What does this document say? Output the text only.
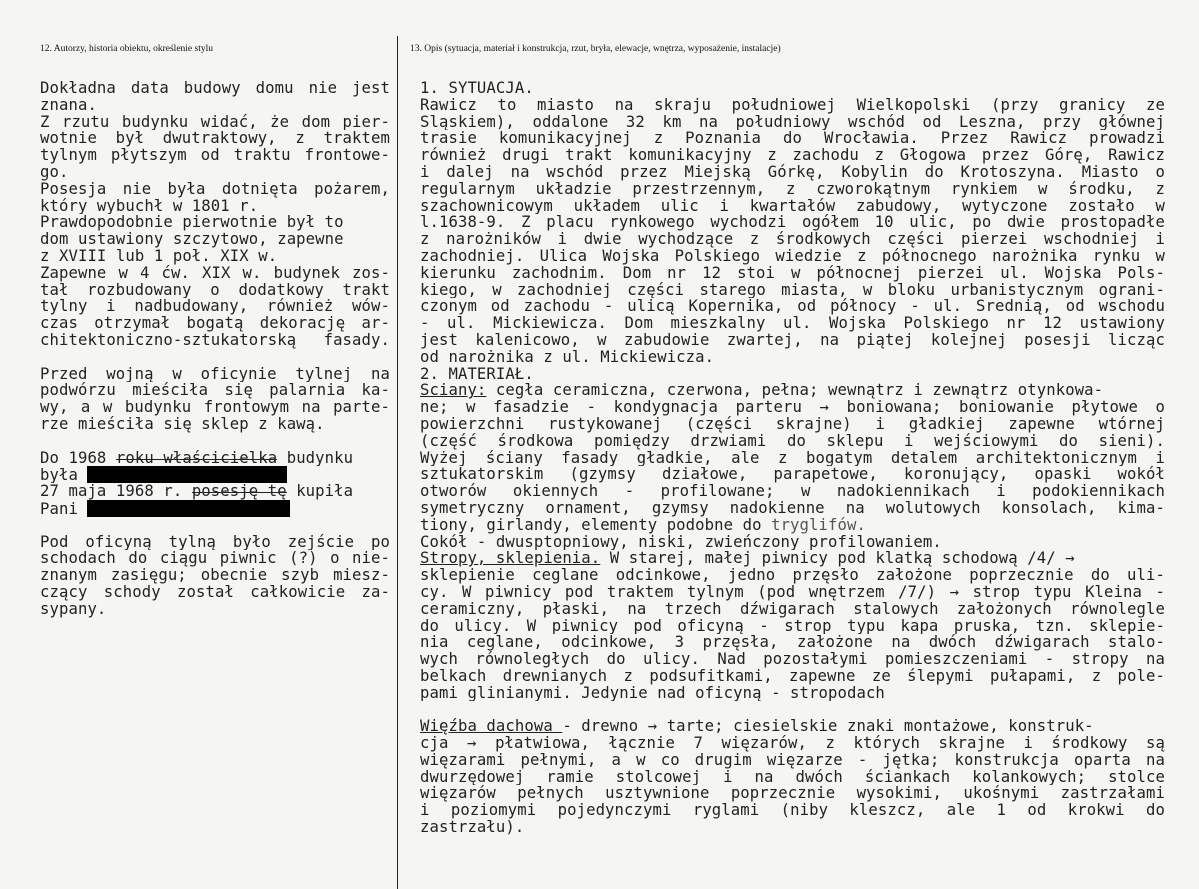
12. Autorzy, historia obiektu, określenie stylu	13. Opis (sytuacja, materiał i konstrukcja, rzut, bryła, elewacje, wnętrza, wyposażenie, instalacje)
Dokładna data budowy domu nie jest
znana.
Z rzutu budynku widać, że dom pier-
wotnie był dwutraktowy, z traktem
tylnym płytszym od traktu frontowe-
go.
Posesja nie była dotnięta pożarem,
który wybuchł w 1801 r.
Prawdopodobnie pierwotnie był to
dom ustawiony szczytowo, zapewne
z XVIII lub 1 poł. XIX w.
Zapewne w 4 ćw. XIX w. budynek zos-
tał rozbudowany o dodatkowy trakt
tylny i nadbudowany, również wów-
czas otrzymał bogatą dekorację ar-
chitektoniczno-sztukatorską fasady.
Przed wojną w oficynie tylnej na
podwórzu mieściła się palarnia ka-
wy, a w budynku frontowym na parte-
rze mieściła się sklep z kawą.
Do 1968 roku właścicielka budynku
była
27 maja 1968 r. posesję tę kupiła
Pani
Pod oficyną tylną było zejście po
schodach do ciągu piwnic (?) o nie-
znanym zasięgu; obecnie szyb miesz-
czący schody został całkowicie za-
sypany.
1. SYTUACJA.
Rawicz to miasto na skraju południowej Wielkopolski (przy granicy ze
Śląskiem), oddalone 32 km na południowy wschód od Leszna, przy głównej
trasie komunikacyjnej z Poznania do Wrocławia. Przez Rawicz prowadzi
również drugi trakt komunikacyjny z zachodu z Głogowa przez Górę, Rawicz
i dalej na wschód przez Miejską Górkę, Kobylin do Krotoszyna. Miasto o
regularnym układzie przestrzennym, z czworokątnym rynkiem w środku, z
szachownicowym układem ulic i kwartałów zabudowy, wytyczone zostało w
l.1638-9. Z placu rynkowego wychodzi ogółem 10 ulic, po dwie prostopadłe
z narożników i dwie wychodzące z środkowych części pierzei wschodniej i
zachodniej. Ulica Wojska Polskiego wiedzie z północnego narożnika rynku w
kierunku zachodnim. Dom nr 12 stoi w północnej pierzei ul. Wojska Pols-
kiego, w zachodniej części starego miasta, w bloku urbanistycznym ograni-
czonym od zachodu - ulicą Kopernika, od północy - ul. Średnią, od wschodu
- ul. Mickiewicza. Dom mieszkalny ul. Wojska Polskiego nr 12 ustawiony
jest kalenicowo, w zabudowie zwartej, na piątej kolejnej posesji licząc
od narożnika z ul. Mickiewicza.
2. MATERIAŁ.
Ściany: cegła ceramiczna, czerwona, pełna; wewnątrz i zewnątrz otynkowa-
ne; w fasadzie - kondygnacja parteru → boniowana; boniowanie płytowe o
powierzchni rustykowanej (części skrajne) i gładkiej zapewne wtórnej
(część środkowa pomiędzy drzwiami do sklepu i wejściowymi do sieni).
Wyżej ściany fasady gładkie, ale z bogatym detalem architektonicznym i
sztukatorskim (gzymsy działowe, parapetowe, koronujący, opaski wokół
otworów okiennych - profilowane; w nadokiennikach i podokiennikach
symetryczny ornament, gzymsy nadokienne na wolutowych konsolach, kima-
tiony, girlandy, elementy podobne do tryglifów.
Cokół - dwusptopniowy, niski, zwieńczony profilowaniem.
Stropy, sklepienia. W starej, małej piwnicy pod klatką schodową /4/ →
sklepienie ceglane odcinkowe, jedno przęsło założone poprzecznie do uli-
cy. W piwnicy pod traktem tylnym (pod wnętrzem /7/) → strop typu Kleina -
ceramiczny, płaski, na trzech dźwigarach stalowych założonych równolegle
do ulicy. W piwnicy pod oficyną - strop typu kapa pruska, tzn. sklepie-
nia ceglane, odcinkowe, 3 przęsła, założone na dwóch dźwigarach stalo-
wych równoległych do ulicy. Nad pozostałymi pomieszczeniami - stropy na
belkach drewnianych z podsufitkami, zapewne ze ślepymi pułapami, z pole-
pami glinianymi. Jedynie nad oficyną - stropodach
Więźba dachowa - drewno → tarte; ciesielskie znaki montażowe, konstruk-
cja → płatwiowa, łącznie 7 więzarów, z których skrajne i środkowy są
więzarami pełnymi, a w co drugim więzarze - jętka; konstrukcja oparta na
dwurzędowej ramie stolcowej i na dwóch ściankach kolankowych; stolce
więzarów pełnych usztywnione poprzecznie wysokimi, ukośnymi zastrzałami
i poziomymi pojedynczymi ryglami (niby kleszcz, ale 1 od krokwi do
zastrzału).
